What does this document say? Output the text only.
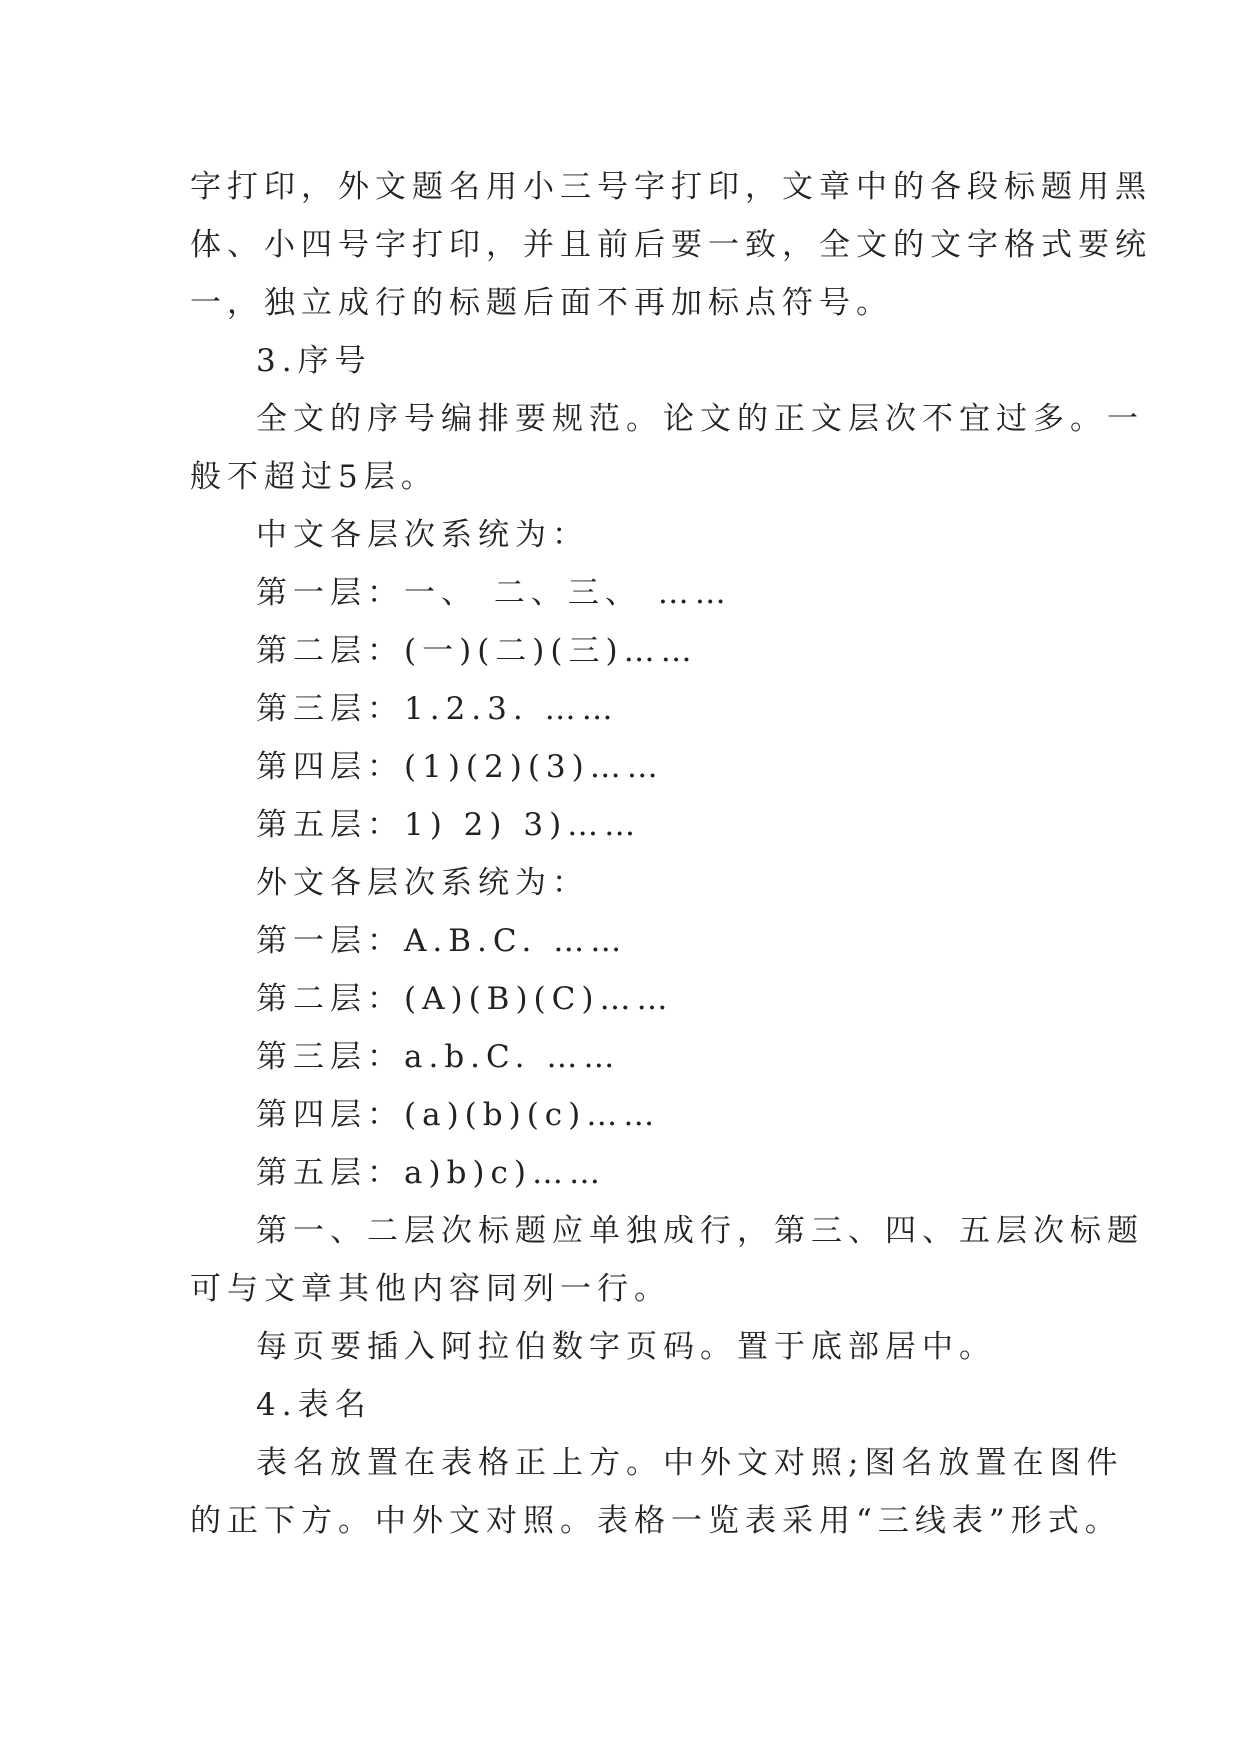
字打印，外文题名用小三号字打印，文章中的各段标题用黑
体、小四号字打印，并且前后要一致，全文的文字格式要统
一，独立成行的标题后面不再加标点符号。
3.序号
全文的序号编排要规范。论文的正文层次不宜过多。一
般不超过5层。
中文各层次系统为：
第一层：一、 二、三、 ……
第二层：(一)(二)(三)……
第三层：1.2.3. ……
第四层：(1)(2)(3)……
第五层：1) 2) 3)……
外文各层次系统为：
第一层：A.B.C. ……
第二层：(A)(B)(C)……
第三层：a.b.C. ……
第四层：(a)(b)(c)……
第五层：a)b)c)……
第一、二层次标题应单独成行，第三、四、五层次标题
可与文章其他内容同列一行。
每页要插入阿拉伯数字页码。置于底部居中。
4.表名
表名放置在表格正上方。中外文对照;图名放置在图件
的正下方。中外文对照。表格一览表采用“三线表”形式。
